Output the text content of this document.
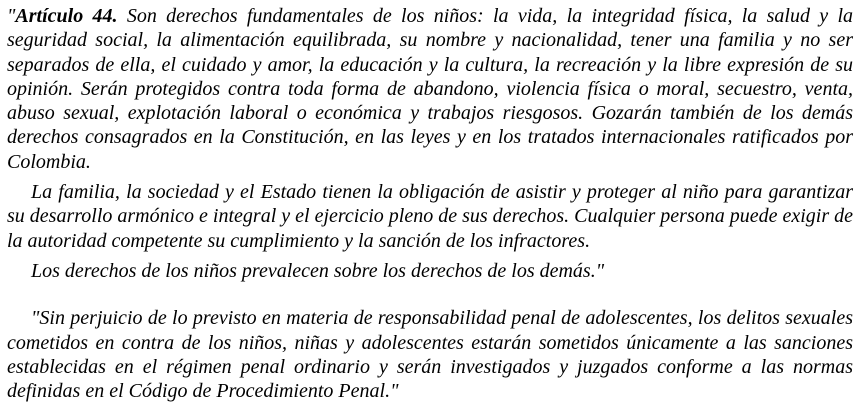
"Artículo 44. Son derechos fundamentales de los niños: la vida, la integridad física, la salud y la seguridad social, la alimentación equilibrada, su nombre y nacionalidad, tener una familia y no ser separados de ella, el cuidado y amor, la educación y la cultura, la recreación y la libre expresión de su opinión. Serán protegidos contra toda forma de abandono, violencia física o moral, secuestro, venta, abuso sexual, explotación laboral o económica y trabajos riesgosos. Gozarán también de los demás derechos consagrados en la Constitución, en las leyes y en los tratados internacionales ratificados por Colombia.

La familia, la sociedad y el Estado tienen la obligación de asistir y proteger al niño para garantizar su desarrollo armónico e integral y el ejercicio pleno de sus derechos. Cualquier persona puede exigir de la autoridad competente su cumplimiento y la sanción de los infractores.

Los derechos de los niños prevalecen sobre los derechos de los demás."

"Sin perjuicio de lo previsto en materia de responsabilidad penal de adolescentes, los delitos sexuales cometidos en contra de los niños, niñas y adolescentes estarán sometidos únicamente a las sanciones establecidas en el régimen penal ordinario y serán investigados y juzgados conforme a las normas definidas en el Código de Procedimiento Penal."
